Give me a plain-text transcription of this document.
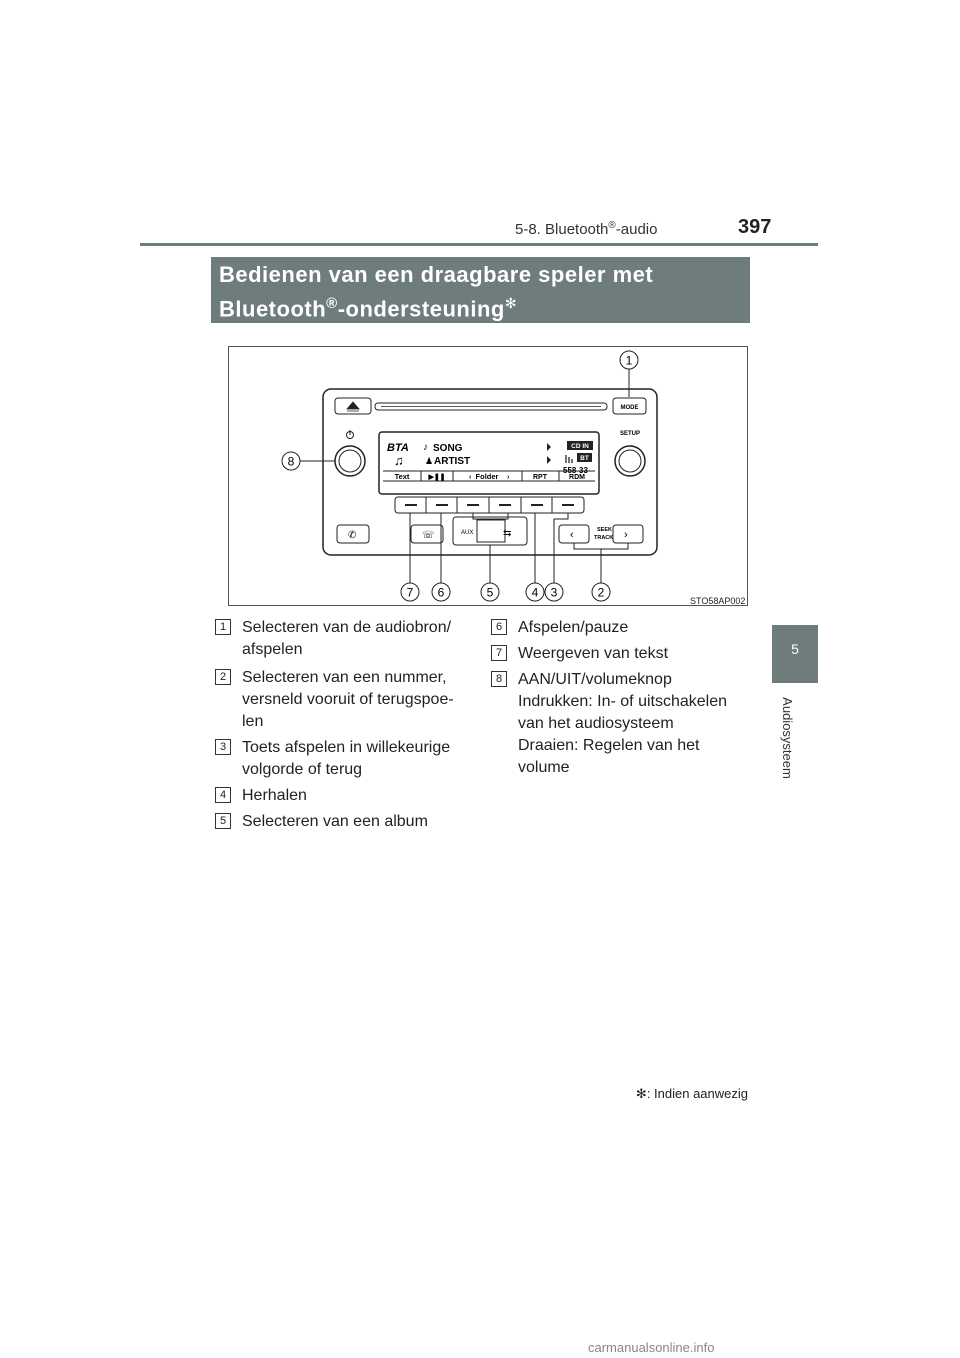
5-8. Bluetooth®-audio	397
5
Audiosysteem
Bedienen van een draagbare speler met
Bluetooth®-ondersteuning✻
MODE
SETUP
BTA ♪ SONG
♫ ♟ ARTIST
CD IN
BT
558-33
Text	▶❚❚	‹ Folder ›	RPT	RDM
✆	☏	AUX	⇆	SEEK
TRACK
‹	›
1
2
3
4
5
6
7
8
STO58AP002
1 Selecteren van de audiobron/
afspelen
2 Selecteren van een nummer,
versneld vooruit of terugspoe-
len
3 Toets afspelen in willekeurige
volgorde of terug
4 Herhalen
5 Selecteren van een album
6 Afspelen/pauze
7 Weergeven van tekst
8 AAN/UIT/volumeknop
Indrukken: In- of uitschakelen
van het audiosysteem
Draaien: Regelen van het
volume
✻: Indien aanwezig
carmanualsonline.info
